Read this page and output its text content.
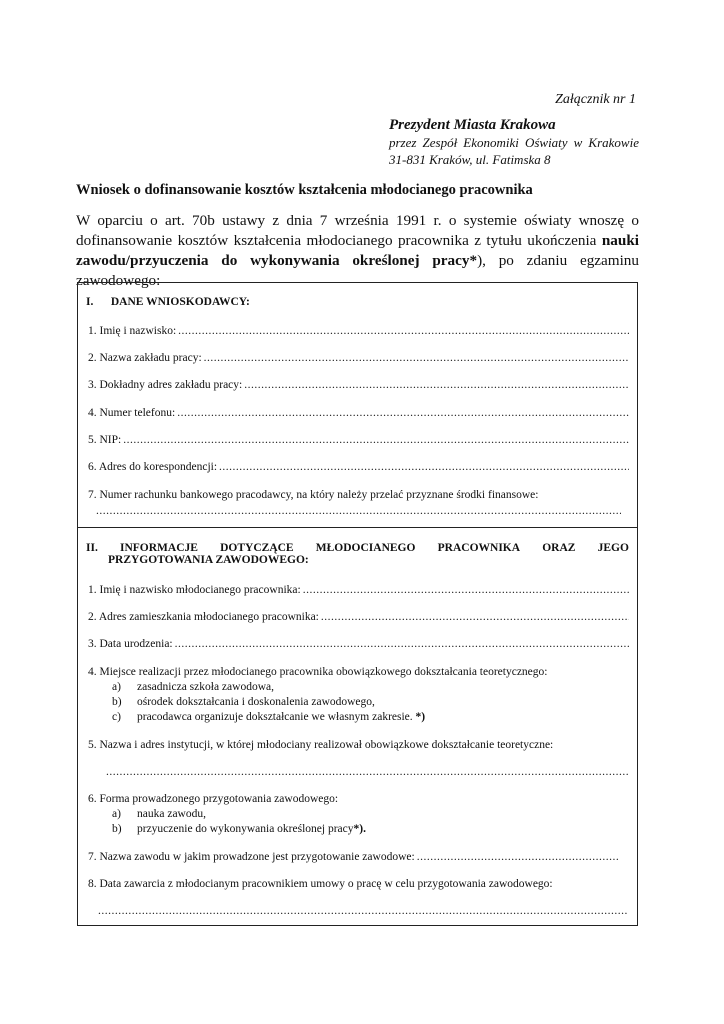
Załącznik nr 1
Prezydent Miasta Krakowa
przez Zespół Ekonomiki Oświaty w Krakowie
31-831 Kraków, ul. Fatimska 8
Wniosek o dofinansowanie kosztów kształcenia młodocianego pracownika
W oparciu o art. 70b ustawy z dnia 7 września 1991 r. o systemie oświaty wnoszę o dofinansowanie kosztów kształcenia młodocianego pracownika z tytułu ukończenia nauki zawodu/przyuczenia do wykonywania określonej pracy*), po zdaniu egzaminu zawodowego:
I. DANE WNIOSKODAWCY:
1. Imię i nazwisko:
.....
2. Nazwa zakładu pracy:
.....
3. Dokładny adres zakładu pracy:
.....
4. Numer telefonu:
.....
5. NIP:
.....
6. Adres do korespondencji:
.....
7. Numer rachunku bankowego pracodawcy, na który należy przelać przyznane środki finansowe:
.....
II. INFORMACJE DOTYCZĄCE MŁODOCIANEGO PRACOWNIKA ORAZ JEGO
PRZYGOTOWANIA ZAWODOWEGO:
1. Imię i nazwisko młodocianego pracownika:
.....
2. Adres zamieszkania młodocianego pracownika:
.....
3. Data urodzenia:
.....
4. Miejsce realizacji przez młodocianego pracownika obowiązkowego dokształcania teoretycznego:
a) zasadnicza szkoła zawodowa,
b) ośrodek dokształcania i doskonalenia zawodowego,
c) pracodawca organizuje dokształcanie we własnym zakresie. *)
5. Nazwa i adres instytucji, w której młodociany realizował obowiązkowe dokształcanie teoretyczne:
.....
6. Forma prowadzonego przygotowania zawodowego:
a) nauka zawodu,
b) przyuczenie do wykonywania określonej pracy*).
7. Nazwa zawodu w jakim prowadzone jest przygotowanie zawodowe:
.....
8. Data zawarcia z młodocianym pracownikiem umowy o pracę w celu przygotowania zawodowego:
.....
